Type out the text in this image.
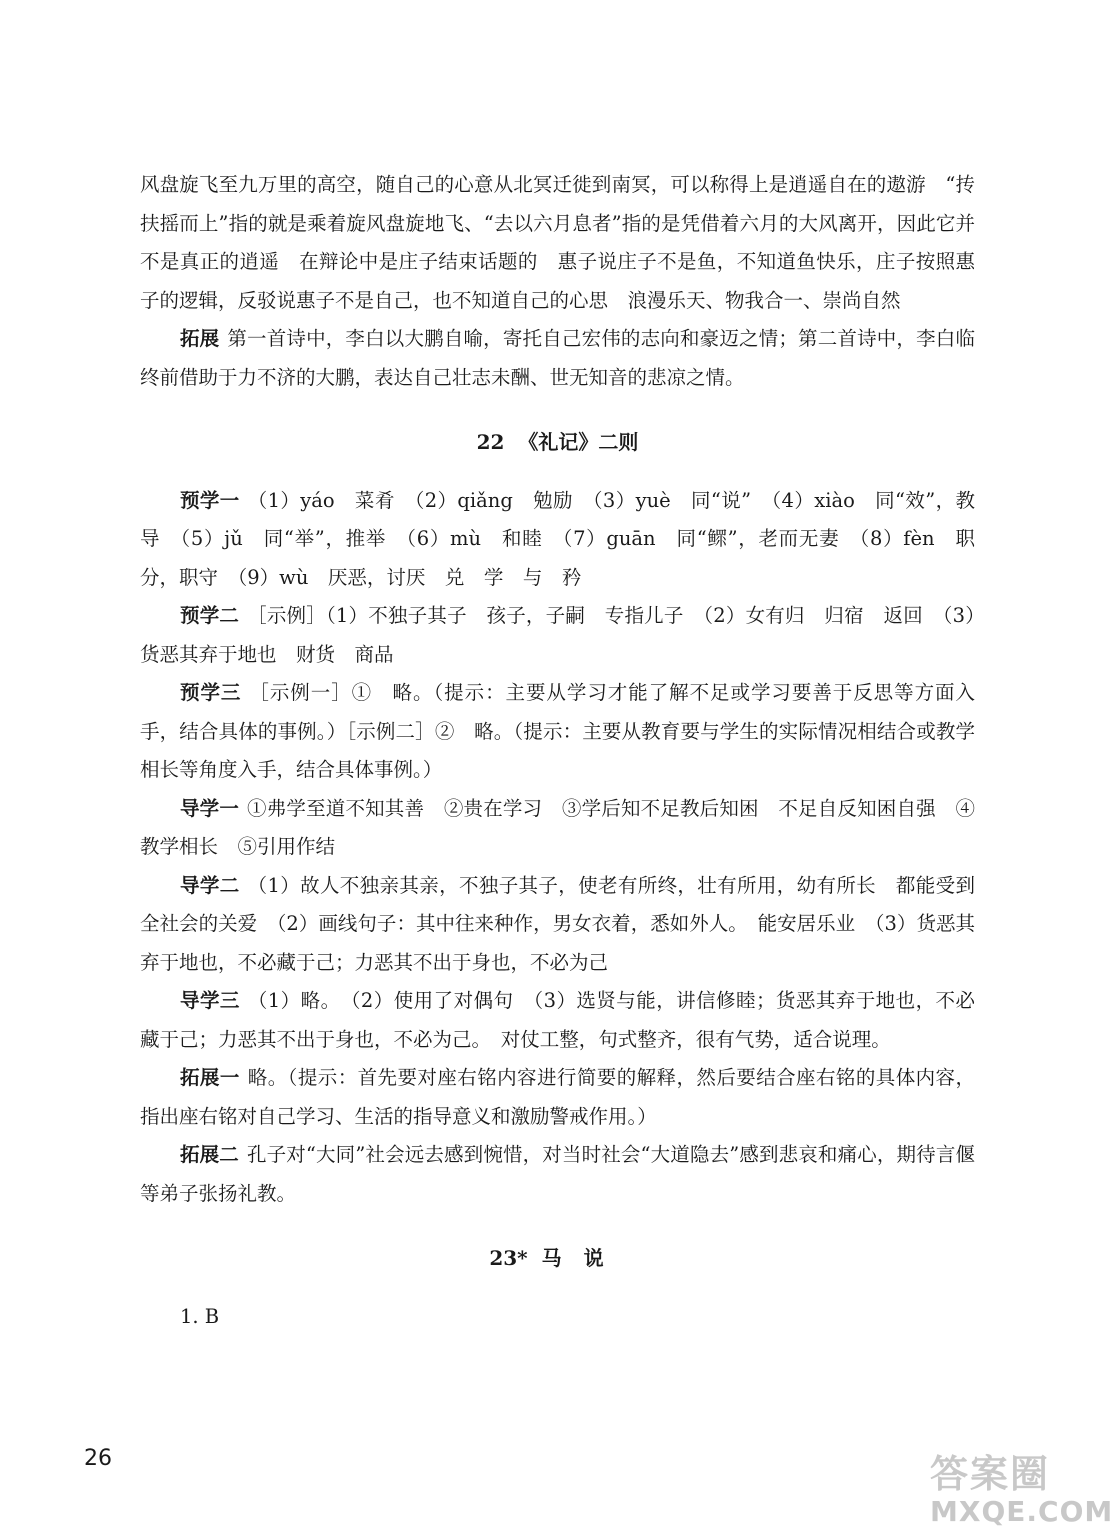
风盘旋飞至九万里的高空，随自己的心意从北冥迁徙到南冥，可以称得上是逍遥自在的遨游　“抟扶摇而上”指的就是乘着旋风盘旋地飞、“去以六月息者”指的是凭借着六月的大风离开，因此它并不是真正的逍遥　在辩论中是庄子结束话题的　惠子说庄子不是鱼，不知道鱼快乐，庄子按照惠子的逻辑，反驳说惠子不是自己，也不知道自己的心思　浪漫乐天、物我合一、崇尚自然

拓展 第一首诗中，李白以大鹏自喻，寄托自己宏伟的志向和豪迈之情；第二首诗中，李白临终前借助于力不济的大鹏，表达自己壮志未酬、世无知音的悲凉之情。

22 《礼记》二则

预学一 （1）yáo　菜肴　（2）qiǎng　勉励　（3）yuè　同“说”　（4）xiào　同“效”，教导　（5）jǔ　同“举”，推举　（6）mù　和睦　（7）guān　同“鳏”，老而无妻　（8）fèn　职分，职守　（9）wù　厌恶，讨厌　兑　学　与　矜

预学二 ［示例］（1）不独子其子　孩子，子嗣　专指儿子　（2）女有归　归宿　返回　（3）货恶其弃于地也　财货　商品

预学三 ［示例一］①　略。（提示：主要从学习才能了解不足或学习要善于反思等方面入手，结合具体的事例。）［示例二］②　略。（提示：主要从教育要与学生的实际情况相结合或教学相长等角度入手，结合具体事例。）

导学一 ①弗学至道不知其善　②贵在学习　③学后知不足教后知困　不足自反知困自强　④教学相长　⑤引用作结

导学二 （1）故人不独亲其亲，不独子其子，使老有所终，壮有所用，幼有所长　都能受到全社会的关爱　（2）画线句子：其中往来种作，男女衣着，悉如外人。　能安居乐业　（3）货恶其弃于地也，不必藏于己；力恶其不出于身也，不必为己

导学三 （1）略。　（2）使用了对偶句　（3）选贤与能，讲信修睦；货恶其弃于地也，不必藏于己；力恶其不出于身也，不必为己。　对仗工整，句式整齐，很有气势，适合说理。

拓展一 略。（提示：首先要对座右铭内容进行简要的解释，然后要结合座右铭的具体内容，指出座右铭对自己学习、生活的指导意义和激励警戒作用。）

拓展二 孔子对“大同”社会远去感到惋惜，对当时社会“大道隐去”感到悲哀和痛心，期待言偃等弟子张扬礼教。

23* 马说

1. B

26	答案圈
MXQE.COM
